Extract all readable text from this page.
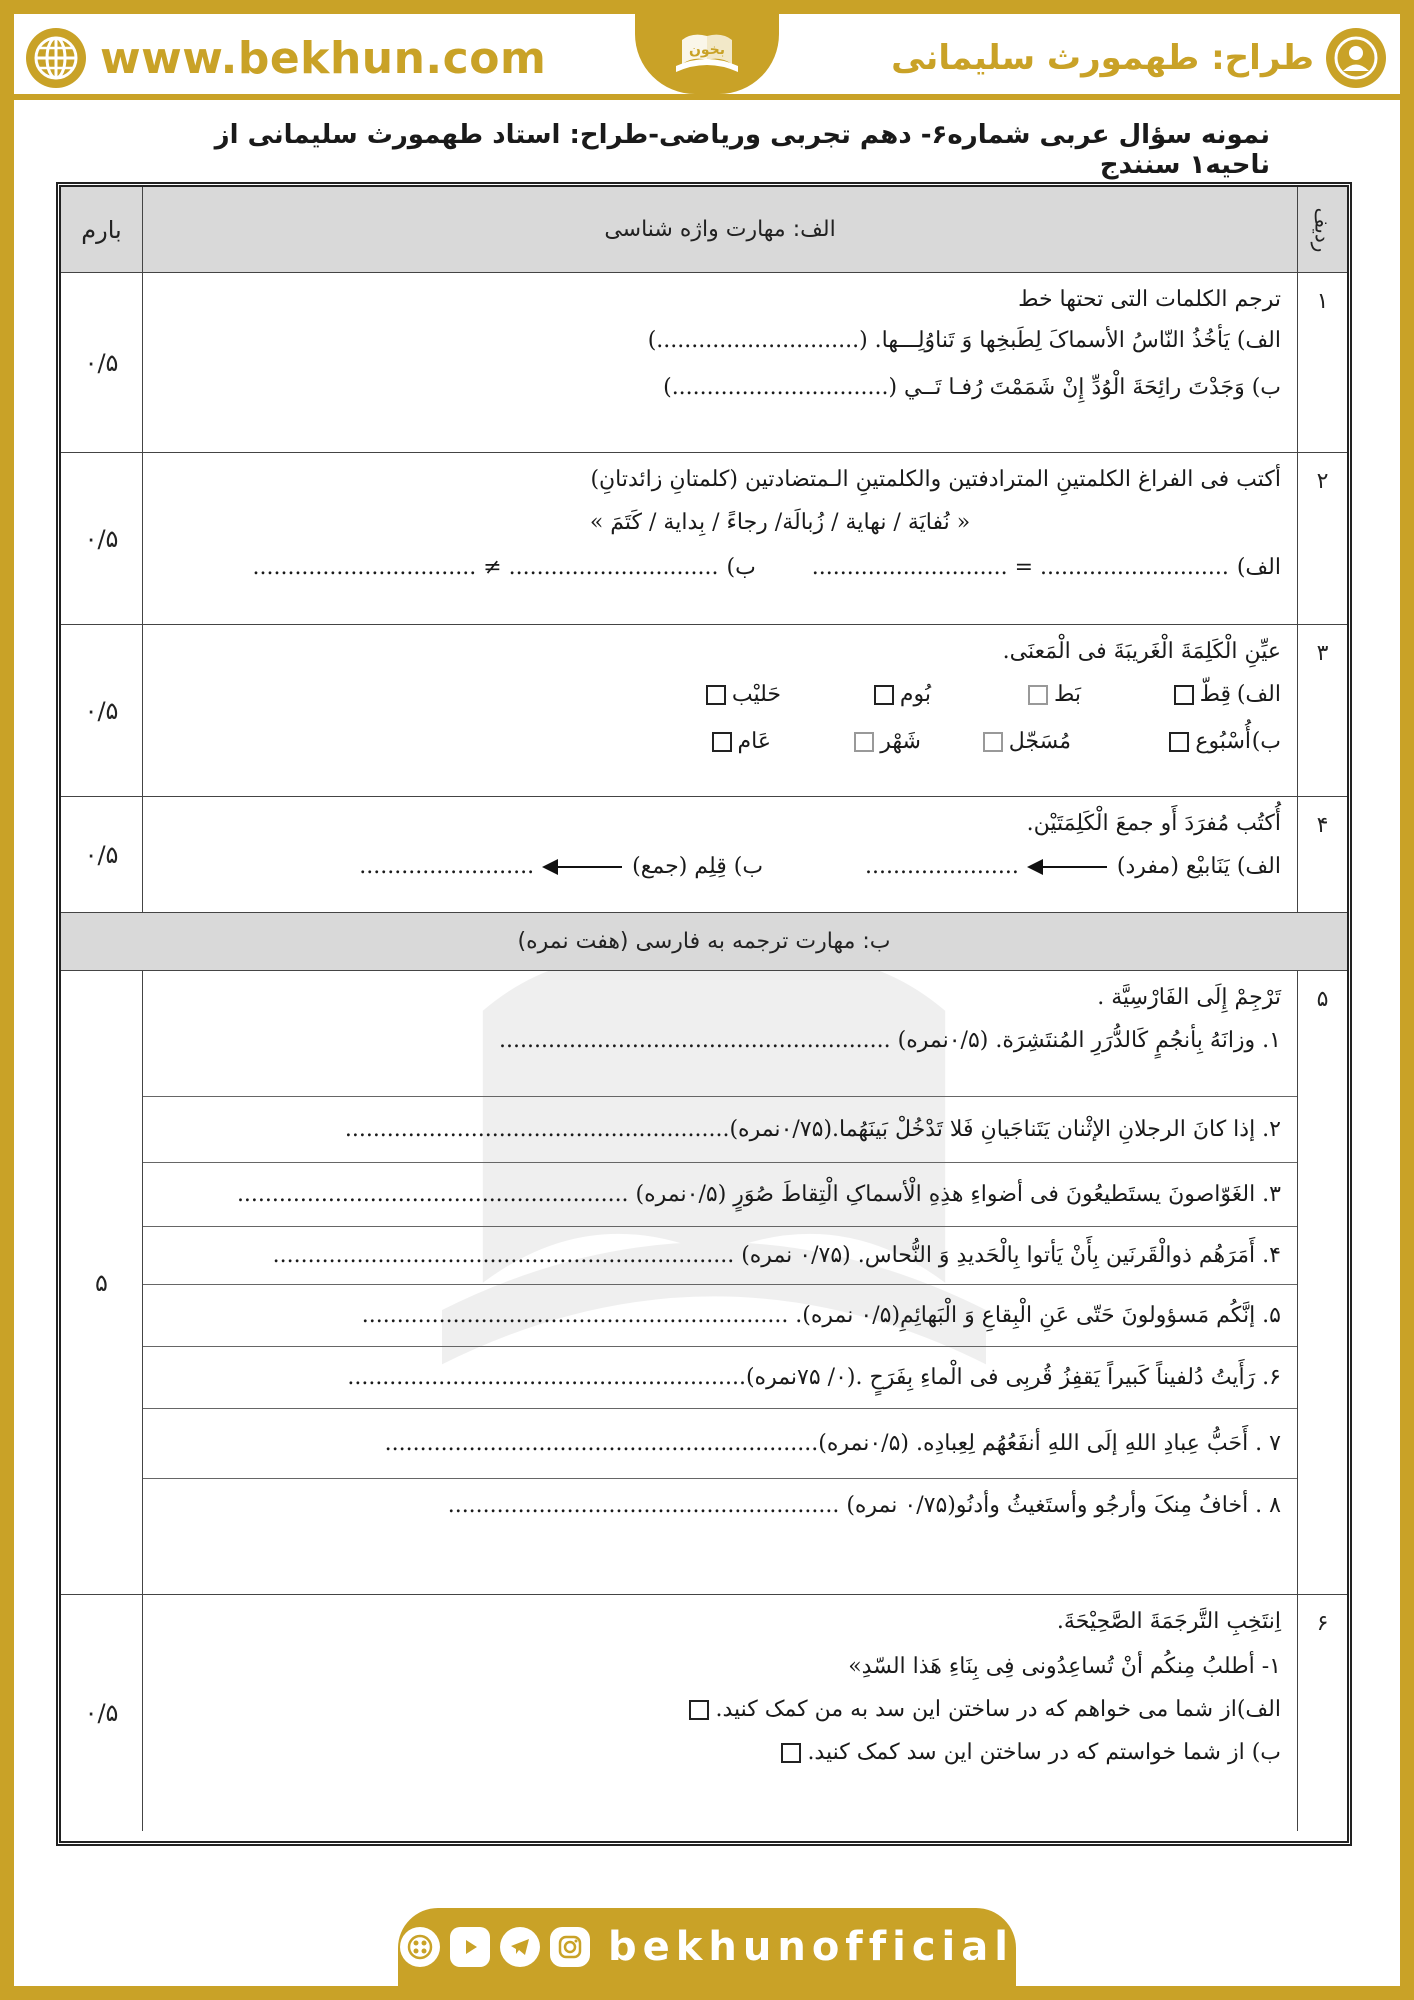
www.bekhun.com	بخون	طراح: طهمورث سلیمانی
نمونه سؤال عربی شماره۶- دهم تجربی وریاضی-طراح: استاد طهمورث سلیمانی از ناحیه۱ سنندج
ردیف
الف: مهارت واژه شناسی
بارم
۱
ترجم الکلمات التی تحتها خط
الف) یَأخُذُ النّاسُ الأسماکَ لِطَبخِها وَ تَناوُلِـــها. (.............................)
ب) وَجَدْتَ رائِحَةَ الْوُدِّ إِنْ شَمَمْتَ رُفـا تَــي (...............................)
۰/۵
۲
أکتب فی الفراغ الکلمتینِ المترادفتین والکلمتینِ الـمتضادتین (کلمتانِ زائدتانِ)
« نُفایَة / نهایة / زُبالَة/ رجاءً / بِدایة / کَتَمَ »
الف)
........................... = ............................
ب)
.............................. ≠ ................................
۰/۵
۳
عیِّنِ الْکَلِمَةَ الْغَریبَةَ فی الْمَعنَی.
الف)
قِطّ
بَط
بُوم
حَلیْب
ب)
أُسْبُوع
مُسَجّل
شَهْر
عَام
۰/۵
۴
أُکتُب مُفرَدَ أَو جمعَ الْکَلِمَتَیْن.
الف) یَنَابیْع (مفرد)
......................
ب) قِلِم (جمع)
.........................
۰/۵
ب: مهارت ترجمه به فارسی (هفت نمره)
۵
تَرْجِمْ إِلَی الفَارْسِیَّة .
۱. وزانَهُ بِأنجُمٍ کَالدُّرَرِ المُنتَشِرَة. (۰/۵نمره) ........................................................
۲. إذا کانَ الرجلانِ الإثْنان یَتَناجَیانِ فَلا تَدْخُلْ بَینَهُما.(۰/۷۵نمره).......................................................
۳. الغَوّاصونَ یستَطیعُونَ فی أضواءِ هذِهِ الْأسماکِ الْتِقاطَ صُوَرٍ (۰/۵نمره) ........................................................
۴. أَمَرَهُم ذوالْقَرنَین بِأَنْ یَأتوا بِالْحَدیدِ وَ النُّحاس. (۰/۷۵ نمره) ..................................................................
۵. إنَّکُم مَسؤولونَ حَتّی عَنِ الْبِقاعِ وَ الْبَهائِمِ(۰/۵ نمره). .............................................................
۶. رَأَیتُ دُلفیناً کَبیراً یَقفِزُ قُربِی فی الْماءِ بِفَرَحٍ .(۰/ ۷۵نمره).........................................................
۷ . أَحَبُّ عِبادِ اللهِ إلَی اللهِ أنفَعُهُم لِعِبادِه. (۰/۵نمره)..............................................................
۸ . أخافُ مِنکَ وأرجُو وأستَغیثُ وأدنُو(۰/۷۵ نمره) ........................................................
۵
۶
اِنتَخِبِ التَّرجَمَةَ الصَّحِیْحَةَ.
۱- أطلبُ مِنکُم أنْ تُساعِدُونی فِی بِنَاءِ هَذا السّدِ»
الف)از شما می خواهم که در ساختن این سد به من کمک کنید.
ب) از شما خواستم که در ساختن این سد کمک کنید.
۰/۵
bekhunofficial
